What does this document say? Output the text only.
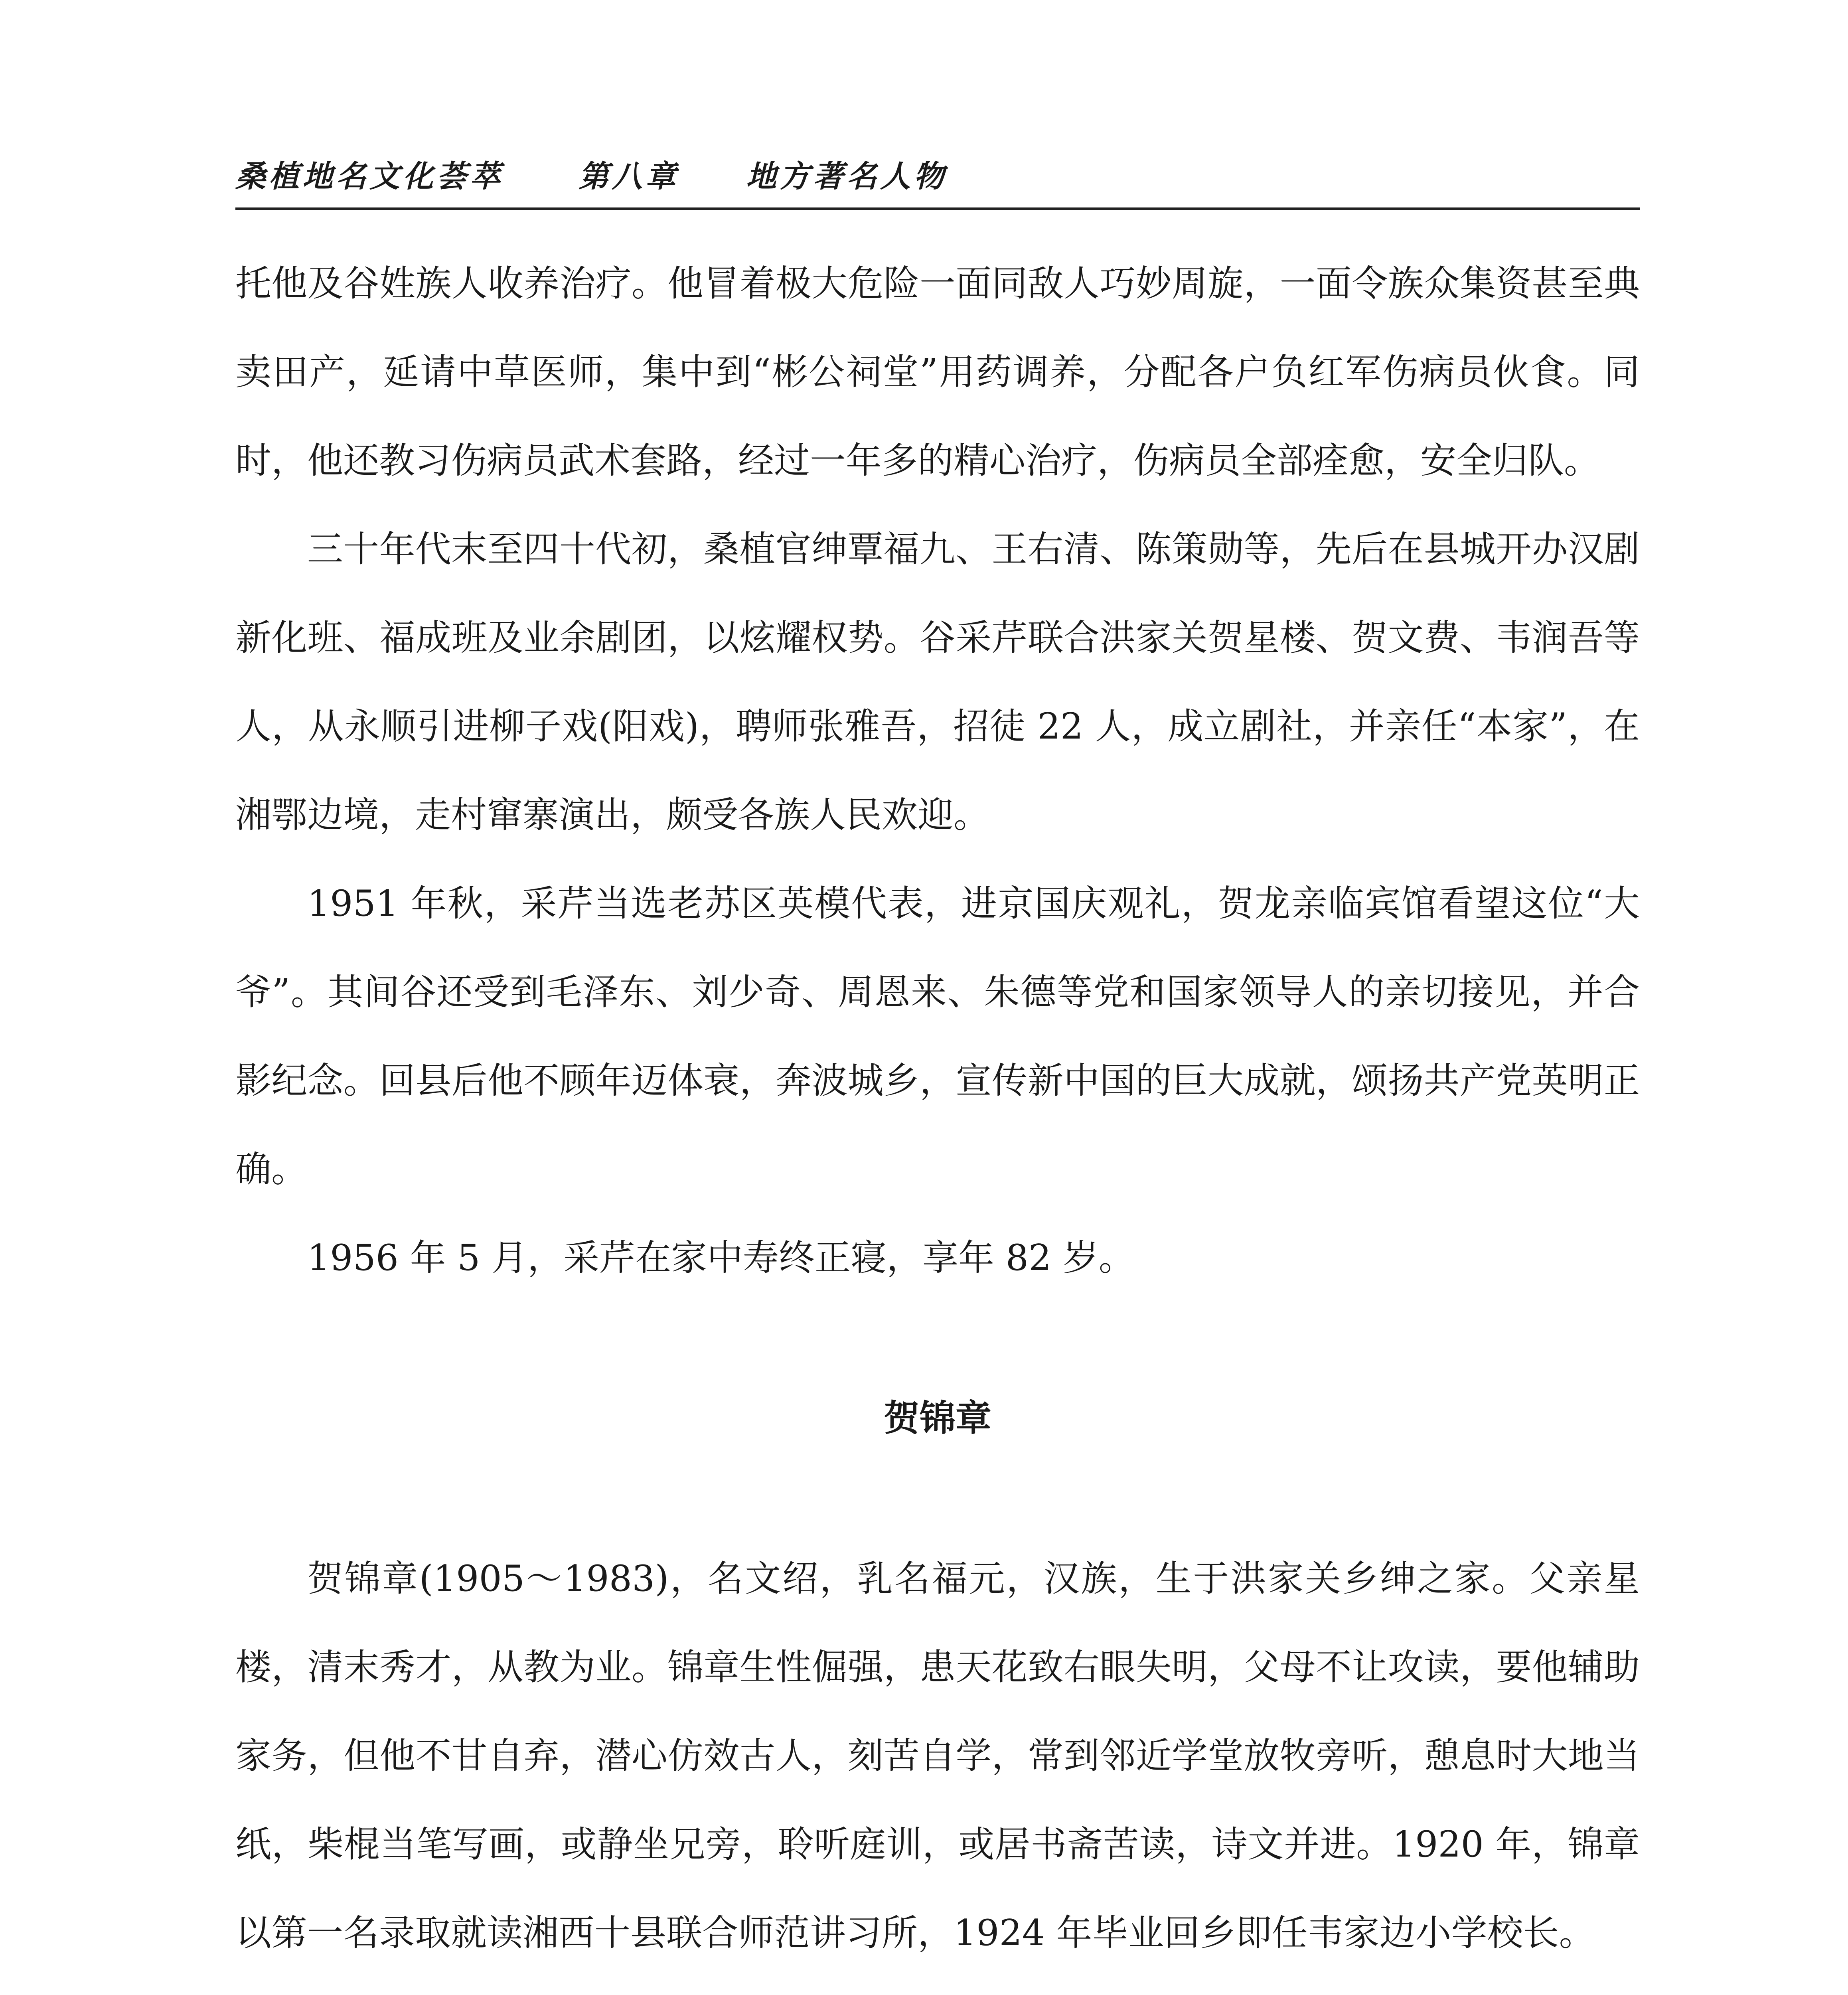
桑植地名文化荟萃	第八章	地方著名人物

托他及谷姓族人收养治疗。他冒着极大危险一面同敌人巧妙周旋，一面令族众集资甚至典卖田产，延请中草医师，集中到“彬公祠堂”用药调养，分配各户负红军伤病员伙食。同时，他还教习伤病员武术套路，经过一年多的精心治疗，伤病员全部痊愈，安全归队。

三十年代末至四十代初，桑植官绅覃福九、王右清、陈策勋等，先后在县城开办汉剧新化班、福成班及业余剧团，以炫耀权势。谷采芹联合洪家关贺星楼、贺文费、韦润吾等人，从永顺引进柳子戏(阳戏)，聘师张雅吾，招徒 22 人，成立剧社，并亲任“本家”，在湘鄂边境，走村窜寨演出，颇受各族人民欢迎。

1951 年秋，采芹当选老苏区英模代表，进京国庆观礼，贺龙亲临宾馆看望这位“大爷”。其间谷还受到毛泽东、刘少奇、周恩来、朱德等党和国家领导人的亲切接见，并合影纪念。回县后他不顾年迈体衰，奔波城乡，宣传新中国的巨大成就，颂扬共产党英明正确。

1956 年 5 月，采芹在家中寿终正寝，享年 82 岁。

贺锦章

贺锦章(1905～1983)，名文绍，乳名福元，汉族，生于洪家关乡绅之家。父亲星楼，清末秀才，从教为业。锦章生性倔强，患天花致右眼失明，父母不让攻读，要他辅助家务，但他不甘自弃，潜心仿效古人，刻苦自学，常到邻近学堂放牧旁听，憩息时大地当纸，柴棍当笔写画，或静坐兄旁，聆听庭训，或居书斋苦读，诗文并进。1920 年，锦章以第一名录取就读湘西十县联合师范讲习所，1924 年毕业回乡即任韦家边小学校长。
